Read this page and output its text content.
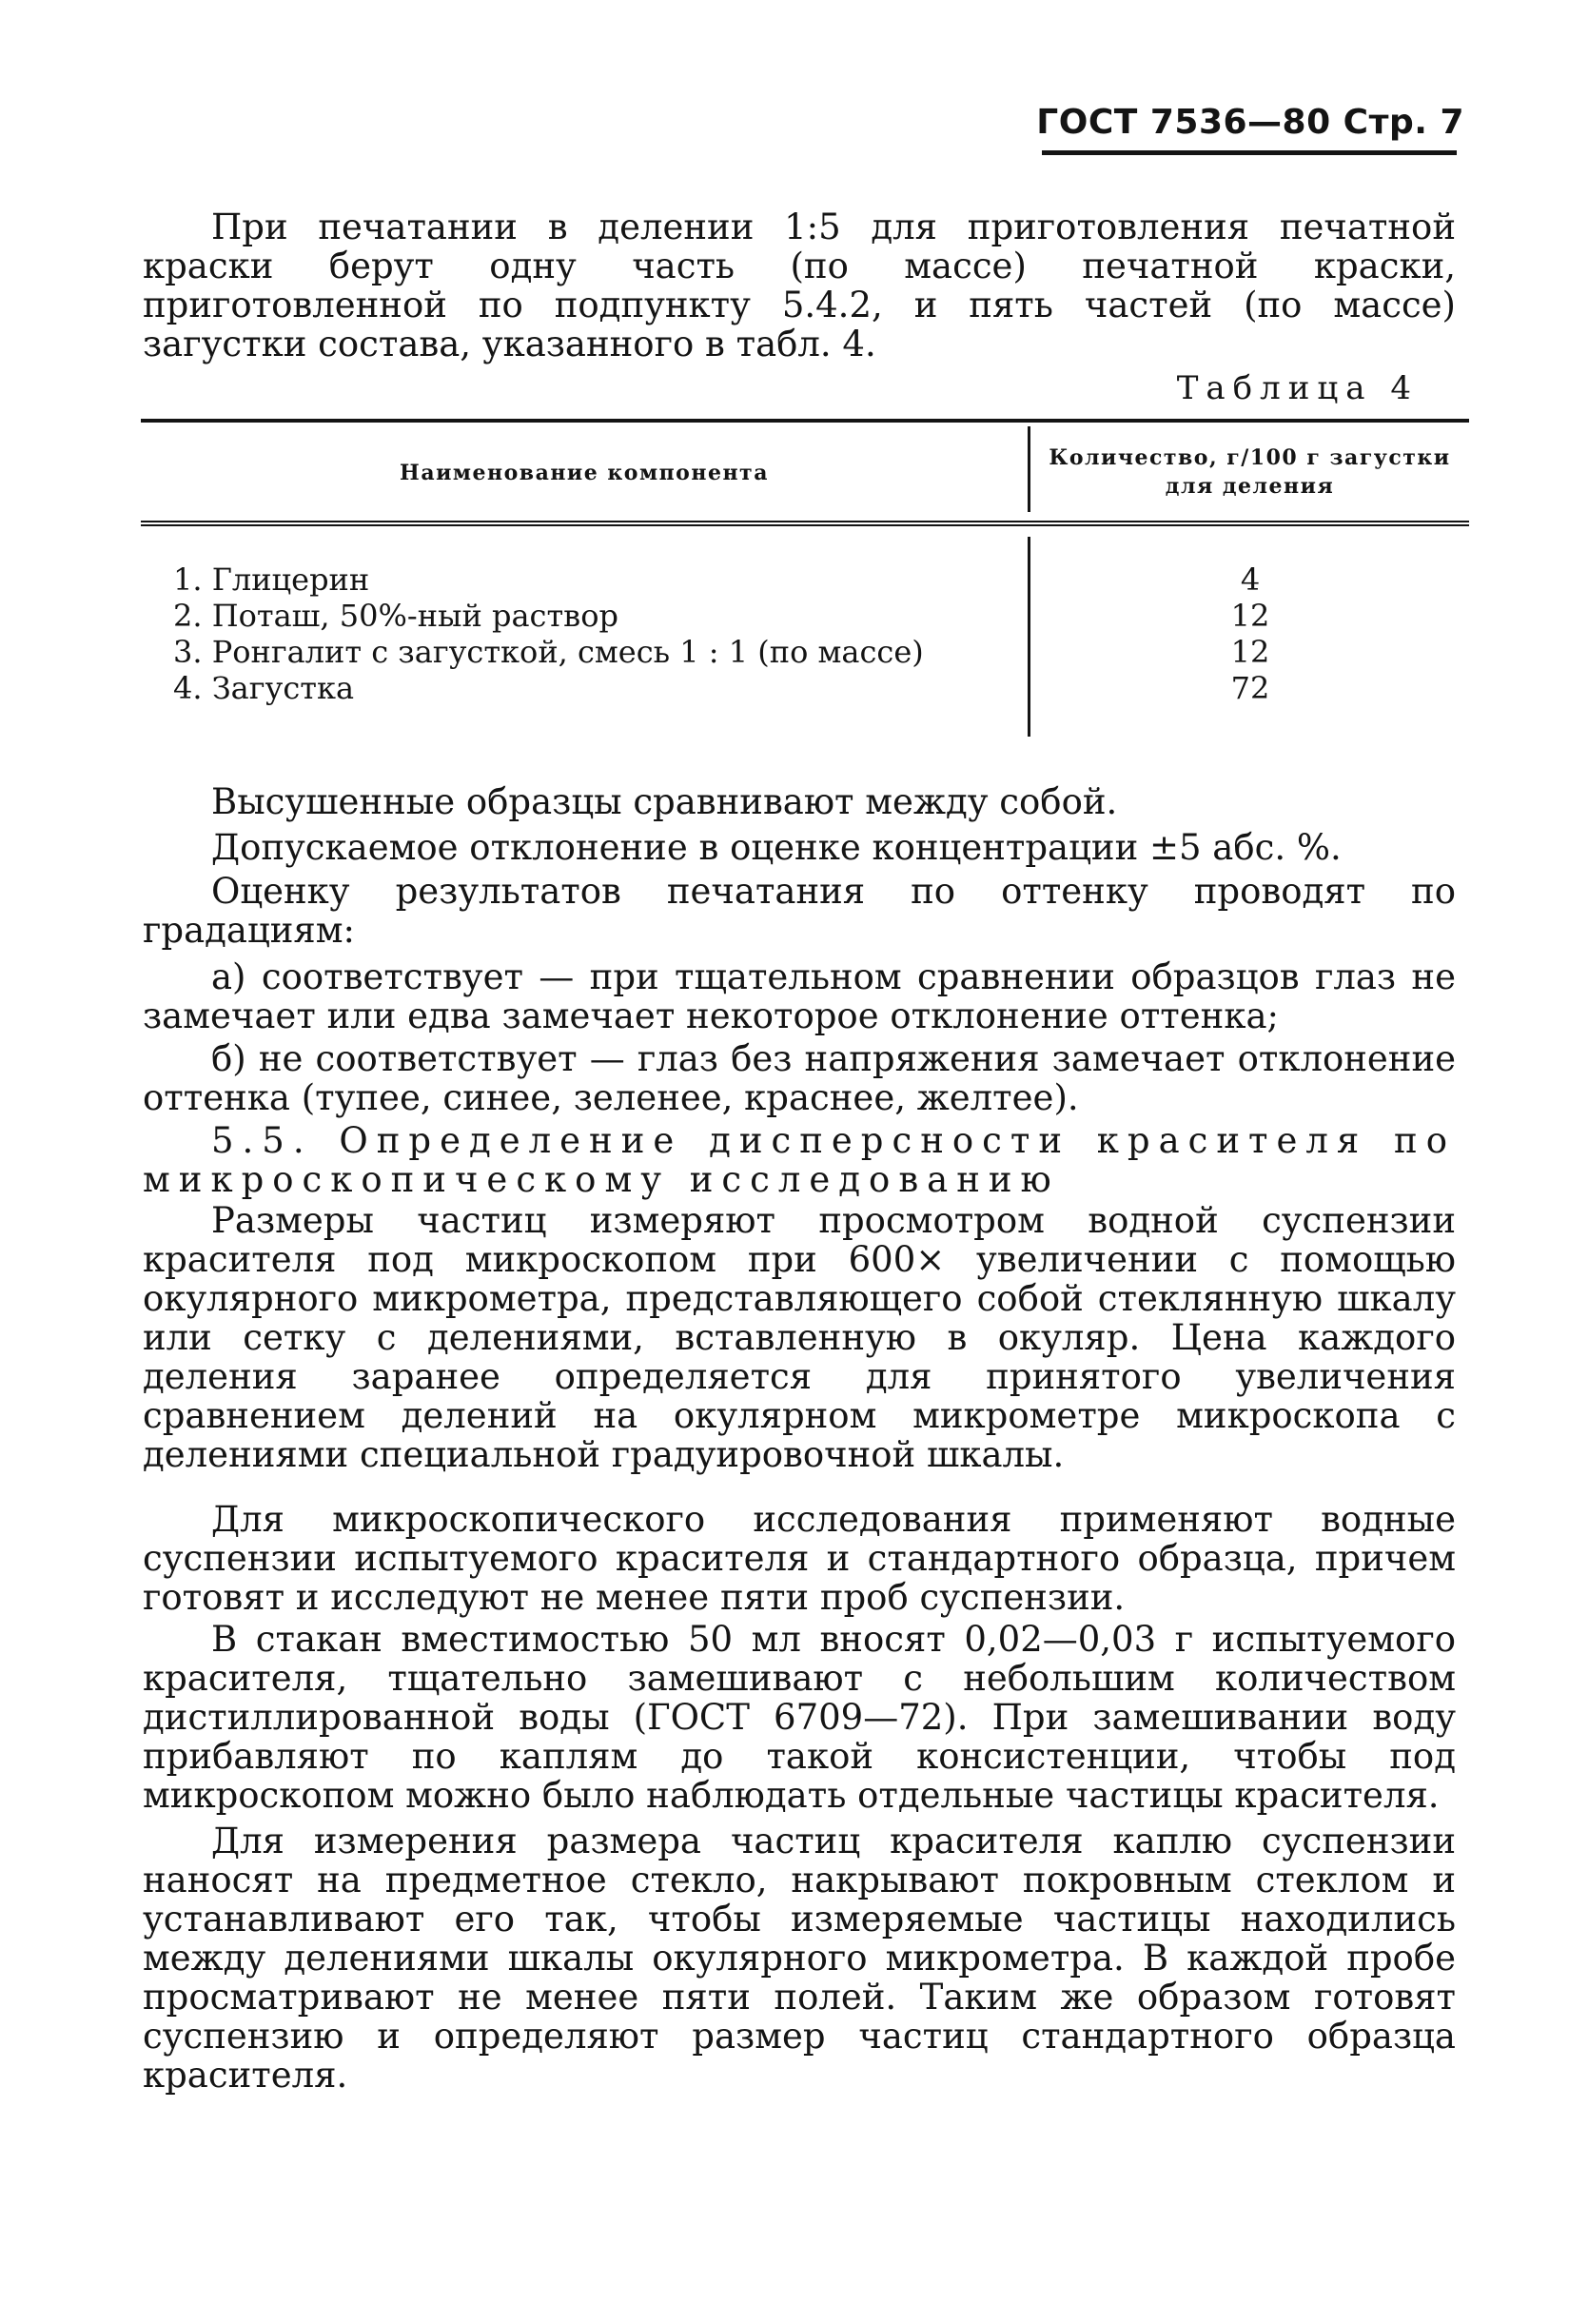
ГОСТ 7536—80 Стр. 7
При печатании в делении 1:5 для приготовления печатной краски берут одну часть (по массе) печатной краски, приготовленной по подпункту 5.4.2, и пять частей (по массе) загустки состава, указанного в табл. 4.
Таблица 4
Наименование компонента
Количество, г/100 г загустки для деления
1. Глицерин	4
2. Поташ, 50%-ный раствор	12
3. Ронгалит с загусткой, смесь 1 : 1 (по массе)	12
4. Загустка	72
Высушенные образцы сравнивают между собой.
Допускаемое отклонение в оценке концентрации ±5 абс. %.
Оценку результатов печатания по оттенку проводят по градациям:
а) соответствует — при тщательном сравнении образцов глаз не замечает или едва замечает некоторое отклонение оттенка;
б) не соответствует — глаз без напряжения замечает отклонение оттенка (тупее, синее, зеленее, краснее, желтее).
5.5. Определение дисперсности красителя по микроскопическому исследованию
Размеры частиц измеряют просмотром водной суспензии красителя под микроскопом при 600× увеличении с помощью окулярного микрометра, представляющего собой стеклянную шкалу или сетку с делениями, вставленную в окуляр. Цена каждого деления заранее определяется для принятого увеличения сравнением делений на окулярном микрометре микроскопа с делениями специальной градуировочной шкалы.
Для микроскопического исследования применяют водные суспензии испытуемого красителя и стандартного образца, причем готовят и исследуют не менее пяти проб суспензии.
В стакан вместимостью 50 мл вносят 0,02—0,03 г испытуемого красителя, тщательно замешивают с небольшим количеством дистиллированной воды (ГОСТ 6709—72). При замешивании воду прибавляют по каплям до такой консистенции, чтобы под микроскопом можно было наблюдать отдельные частицы красителя.
Для измерения размера частиц красителя каплю суспензии наносят на предметное стекло, накрывают покровным стеклом и устанавливают его так, чтобы измеряемые частицы находились между делениями шкалы окулярного микрометра. В каждой пробе просматривают не менее пяти полей. Таким же образом готовят суспензию и определяют размер частиц стандартного образца красителя.
